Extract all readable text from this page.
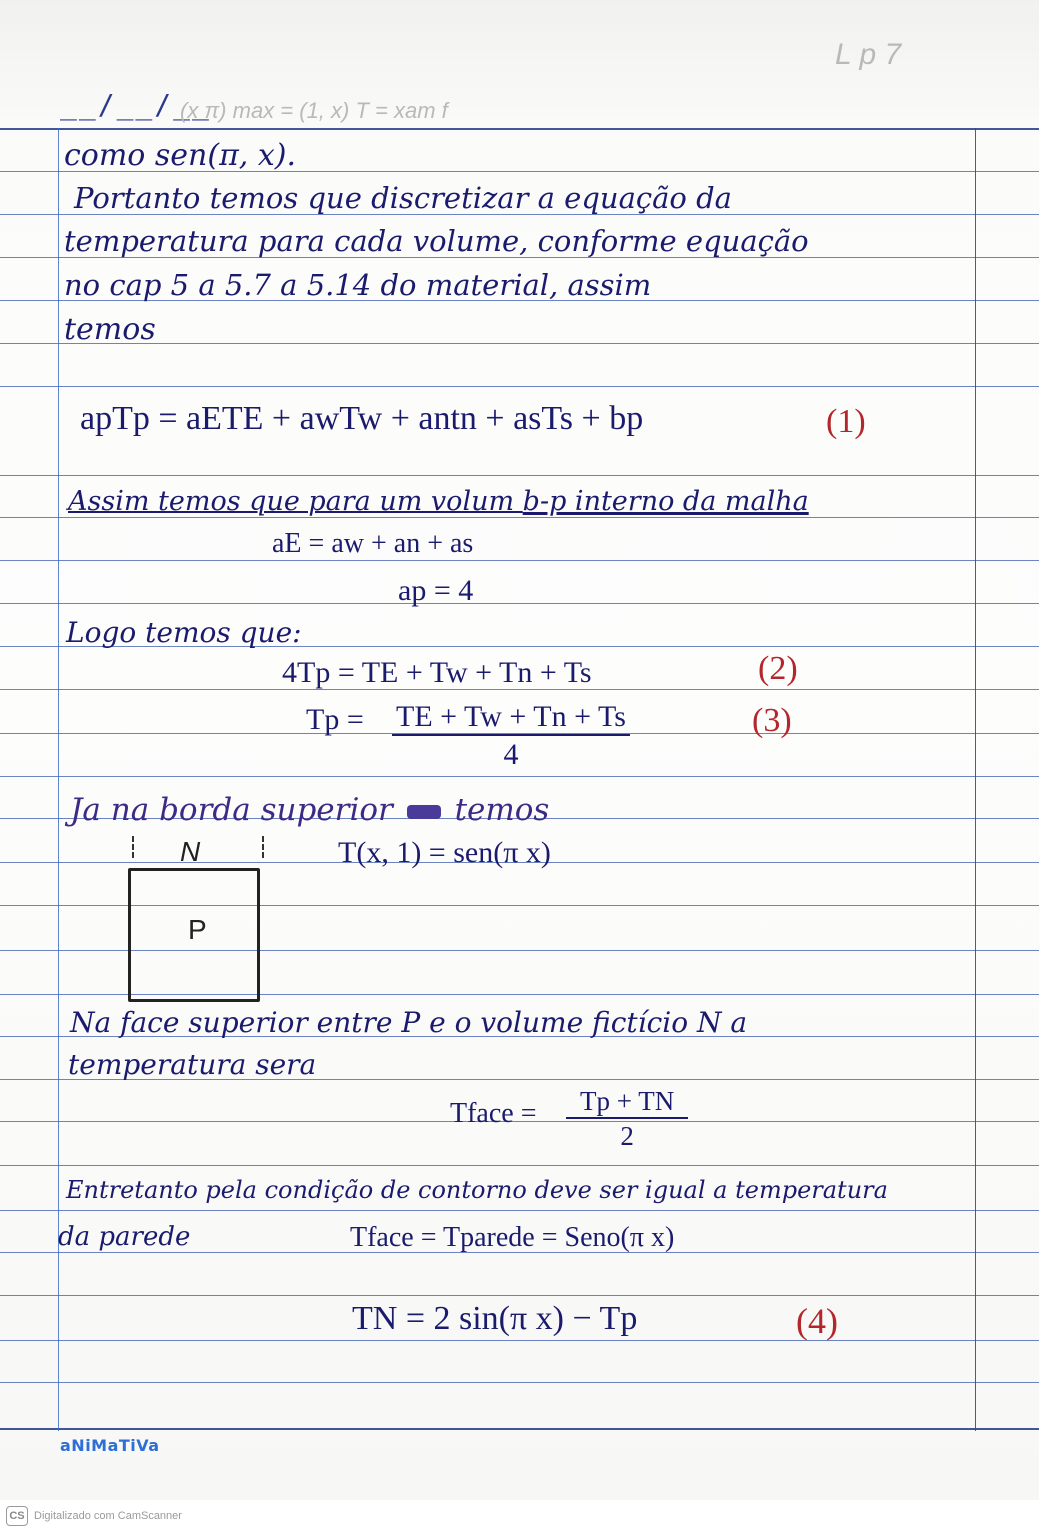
__/__/__
L p 7
(x π) max = (1, x) T = xam f
como sen(π, x).
Portanto temos que discretizar a equação da
temperatura para cada volume, conforme equação
no cap 5 a 5.7 a 5.14 do material, assim
temos
apTp = aETE + awTw + antn + asTs + bp	(1)
Assim temos que para um volum b-p interno da malha
aE = aw + an + as
ap = 4
Logo temos que:
4Tp = TE + Tw + Tn + Ts	(2)
$Tp = \frac{TE + Tw + Tn + Ts}{4}$	(3)
Ja na borda superior  temos
T(x, 1) = sen(π x)
N
P
Na face superior entre P e o volume fictício N a
temperatura sera
Tface = $\frac{Tp + TN}{2}$
Entretanto pela condição de contorno deve ser igual a temperatura
da parede	Tface = Tparede = Seno(π x)
TN = 2 sin(π x) − Tp	(4)
aNiMaTiVa
CS Digitalizado com CamScanner
